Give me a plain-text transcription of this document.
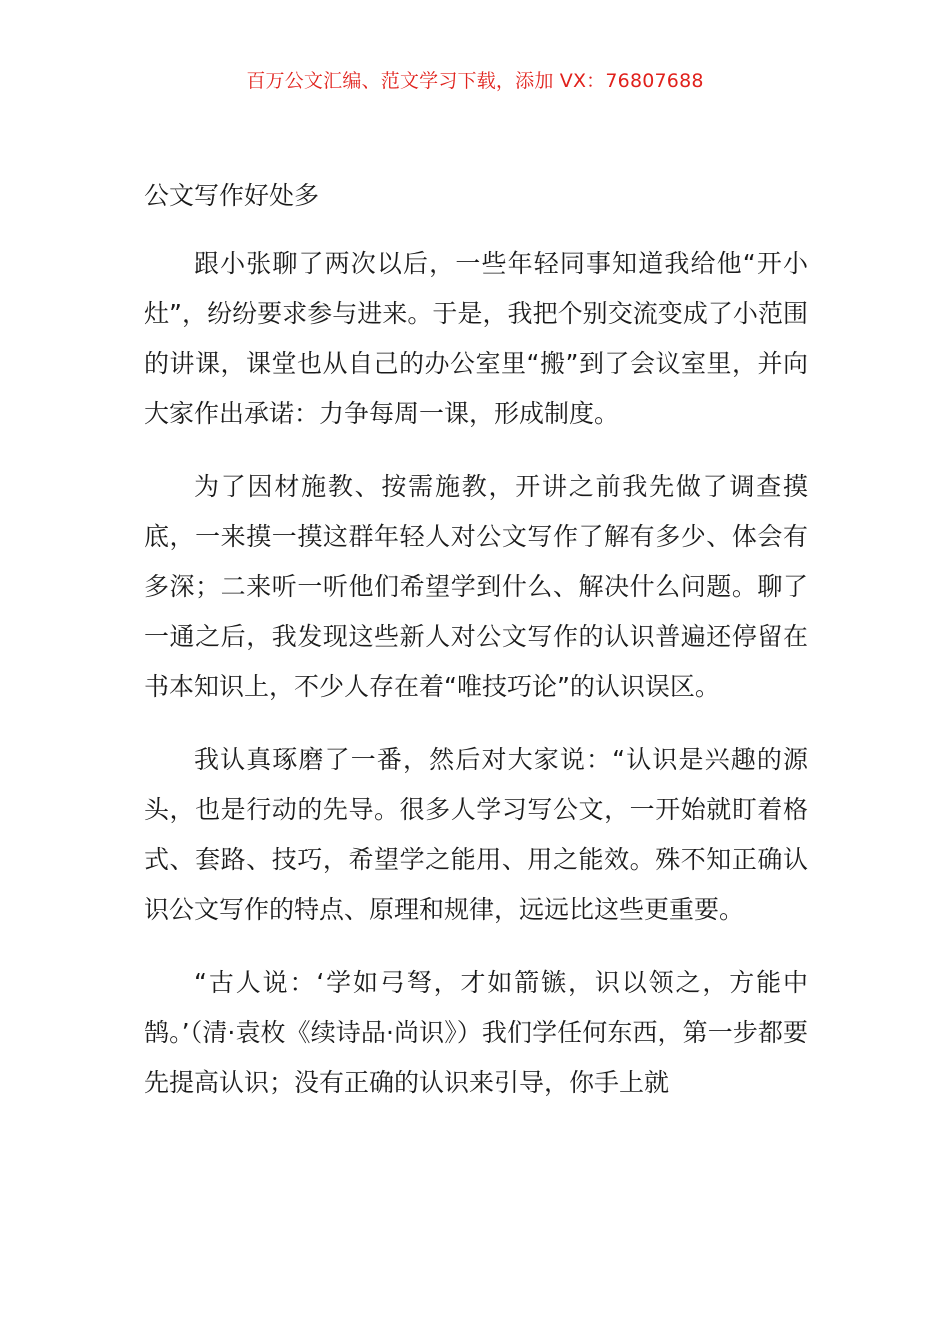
百万公文汇编、范文学习下载，添加 VX：76807688
公文写作好处多

跟小张聊了两次以后，一些年轻同事知道我给他“开小灶”，纷纷要求参与进来。于是，我把个别交流变成了小范围的讲课，课堂也从自己的办公室里“搬”到了会议室里，并向大家作出承诺：力争每周一课，形成制度。

为了因材施教、按需施教，开讲之前我先做了调查摸底，一来摸一摸这群年轻人对公文写作了解有多少、体会有多深；二来听一听他们希望学到什么、解决什么问题。聊了一通之后，我发现这些新人对公文写作的认识普遍还停留在书本知识上，不少人存在着“唯技巧论”的认识误区。

我认真琢磨了一番，然后对大家说：“认识是兴趣的源头，也是行动的先导。很多人学习写公文，一开始就盯着格式、套路、技巧，希望学之能用、用之能效。殊不知正确认识公文写作的特点、原理和规律，远远比这些更重要。

“古人说：‘学如弓弩，才如箭镞，识以领之，方能中鹄。’（清·袁枚《续诗品·尚识》）我们学任何东西，第一步都要先提高认识；没有正确的认识来引导，你手上就
